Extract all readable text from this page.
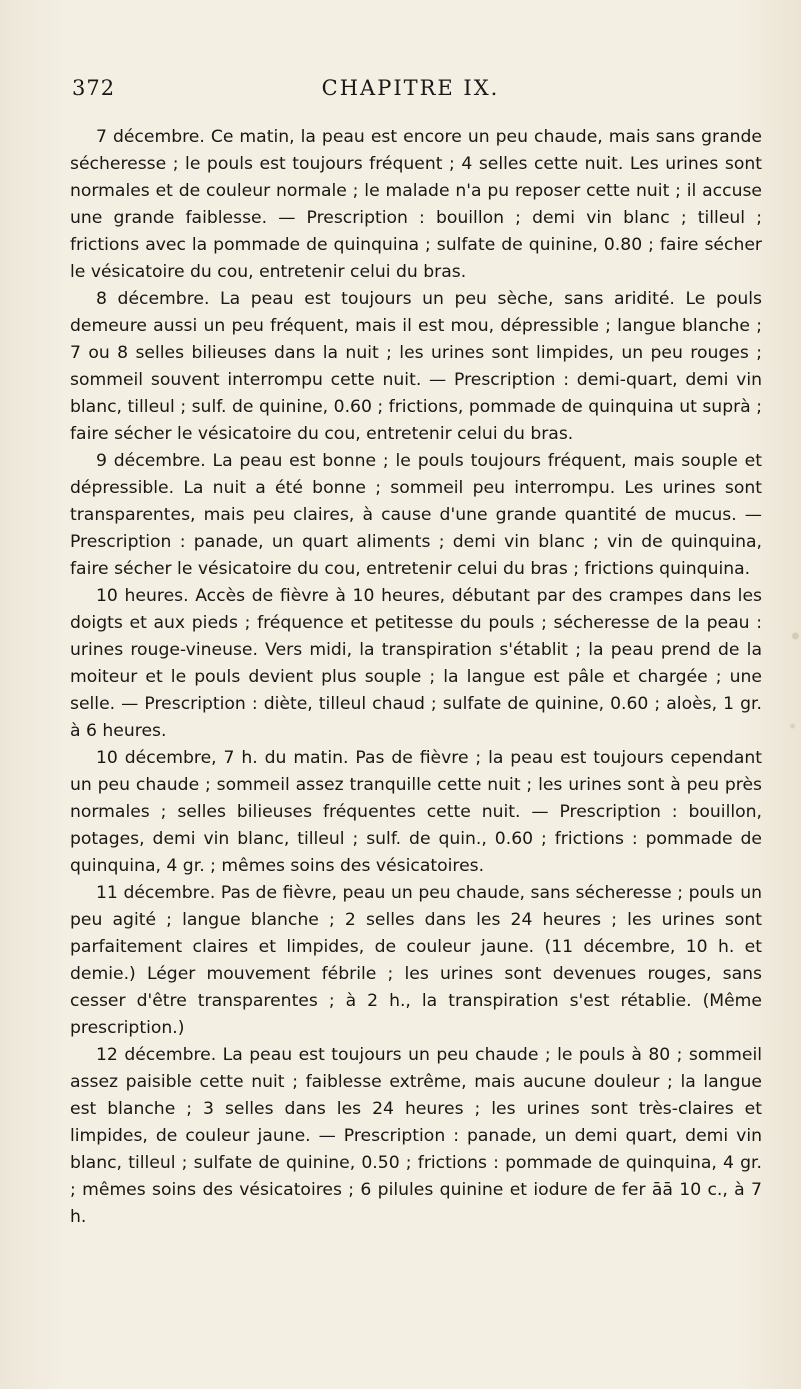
372	CHAPITRE IX.

7 décembre. Ce matin, la peau est encore un peu chaude, mais sans grande sécheresse ; le pouls est toujours fréquent ; 4 selles cette nuit. Les urines sont normales et de couleur normale ; le malade n'a pu reposer cette nuit ; il accuse une grande faiblesse. — Prescription : bouillon ; demi vin blanc ; tilleul ; frictions avec la pommade de quinquina ; sulfate de quinine, 0.80 ; faire sécher le vésicatoire du cou, entretenir celui du bras.

8 décembre. La peau est toujours un peu sèche, sans aridité. Le pouls demeure aussi un peu fréquent, mais il est mou, dépressible ; langue blanche ; 7 ou 8 selles bilieuses dans la nuit ; les urines sont limpides, un peu rouges ; sommeil souvent interrompu cette nuit. — Prescription : demi-quart, demi vin blanc, tilleul ; sulf. de quinine, 0.60 ; frictions, pommade de quinquina ut suprà ; faire sécher le vésicatoire du cou, entretenir celui du bras.

9 décembre. La peau est bonne ; le pouls toujours fréquent, mais souple et dépressible. La nuit a été bonne ; sommeil peu interrompu. Les urines sont transparentes, mais peu claires, à cause d'une grande quantité de mucus. — Prescription : panade, un quart aliments ; demi vin blanc ; vin de quinquina, faire sécher le vésicatoire du cou, entretenir celui du bras ; frictions quinquina.

10 heures. Accès de fièvre à 10 heures, débutant par des crampes dans les doigts et aux pieds ; fréquence et petitesse du pouls ; sécheresse de la peau : urines rouge-vineuse. Vers midi, la transpiration s'établit ; la peau prend de la moiteur et le pouls devient plus souple ; la langue est pâle et chargée ; une selle. — Prescription : diète, tilleul chaud ; sulfate de quinine, 0.60 ; aloès, 1 gr. à 6 heures.

10 décembre, 7 h. du matin. Pas de fièvre ; la peau est toujours cependant un peu chaude ; sommeil assez tranquille cette nuit ; les urines sont à peu près normales ; selles bilieuses fréquentes cette nuit. — Prescription : bouillon, potages, demi vin blanc, tilleul ; sulf. de quin., 0.60 ; frictions : pommade de quinquina, 4 gr. ; mêmes soins des vésicatoires.

11 décembre. Pas de fièvre, peau un peu chaude, sans sécheresse ; pouls un peu agité ; langue blanche ; 2 selles dans les 24 heures ; les urines sont parfaitement claires et limpides, de couleur jaune. (11 décembre, 10 h. et demie.) Léger mouvement fébrile ; les urines sont devenues rouges, sans cesser d'être transparentes ; à 2 h., la transpiration s'est rétablie. (Même prescription.)

12 décembre. La peau est toujours un peu chaude ; le pouls à 80 ; sommeil assez paisible cette nuit ; faiblesse extrême, mais aucune douleur ; la langue est blanche ; 3 selles dans les 24 heures ; les urines sont très-claires et limpides, de couleur jaune. — Prescription : panade, un demi quart, demi vin blanc, tilleul ; sulfate de quinine, 0.50 ; frictions : pommade de quinquina, 4 gr. ; mêmes soins des vésicatoires ; 6 pilules quinine et iodure de fer āā 10 c., à 7 h.
